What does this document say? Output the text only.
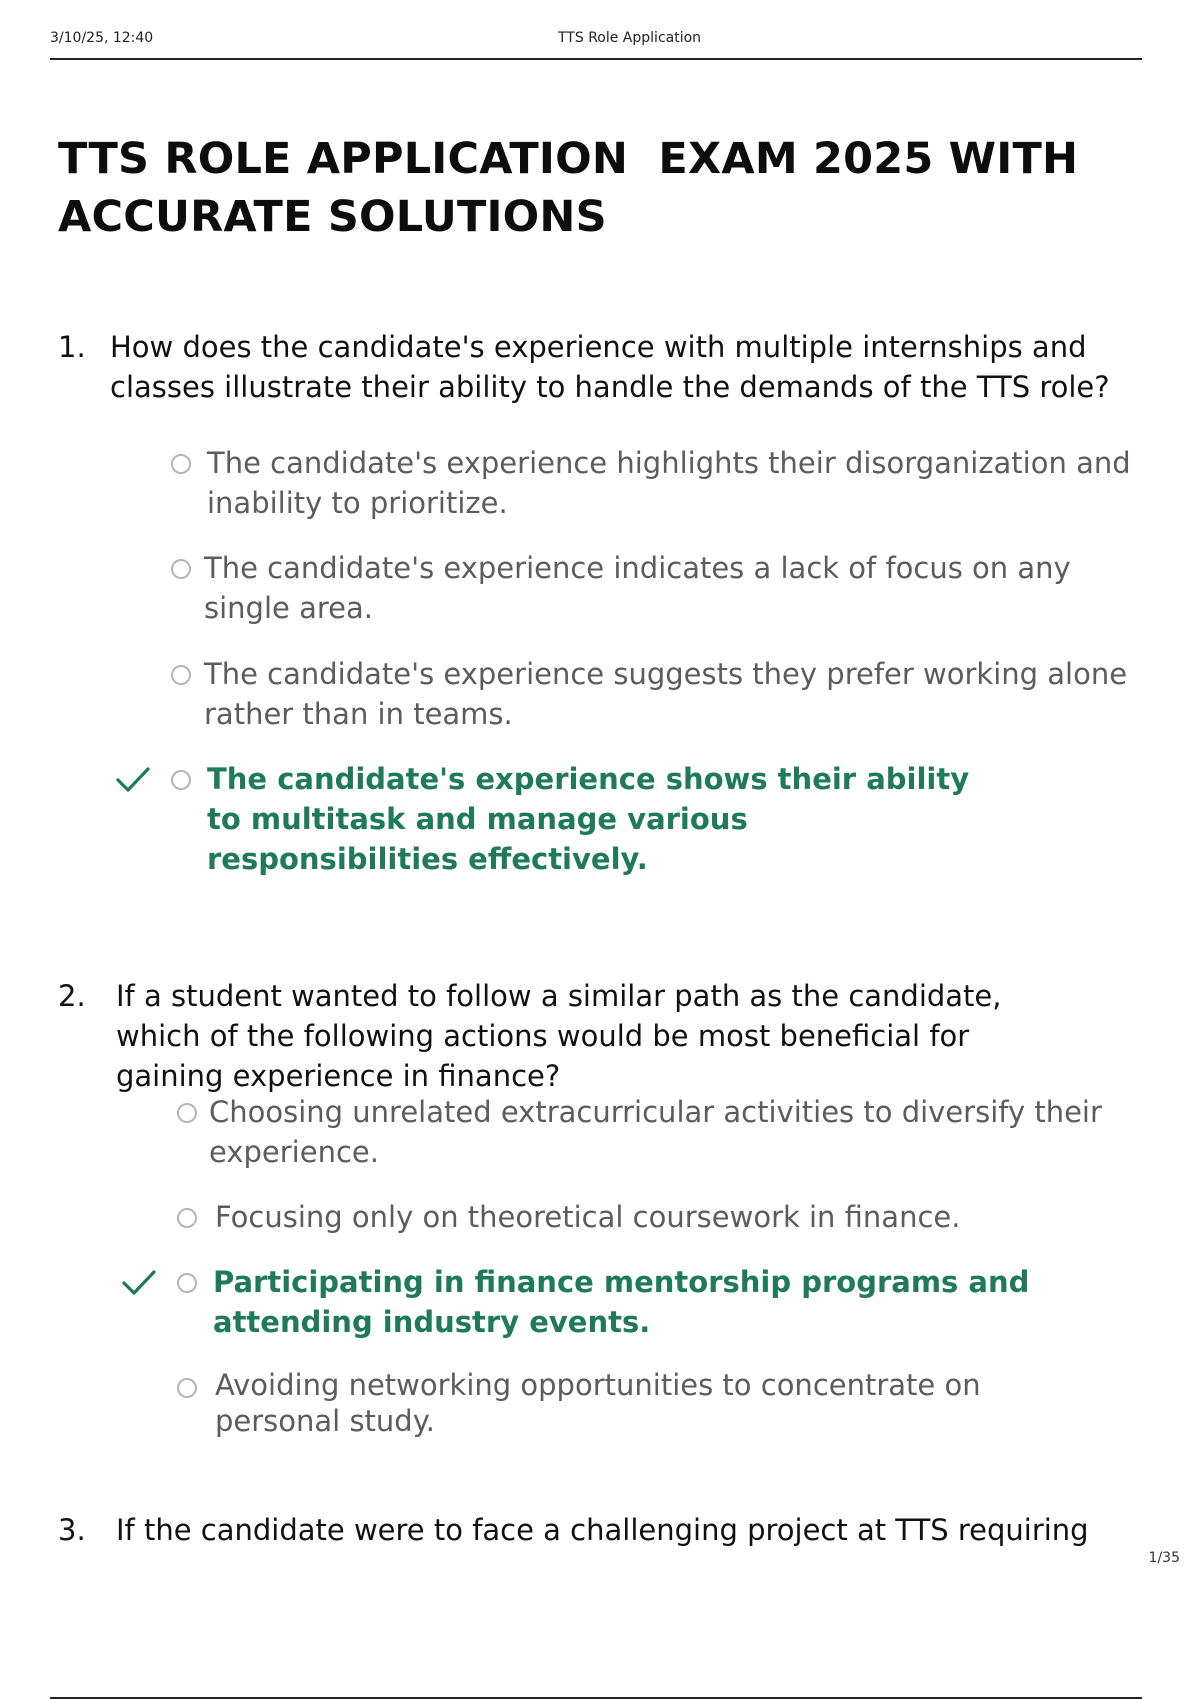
3/10/25, 12:40	TTS Role Application
TTS ROLE APPLICATION  EXAM 2025 WITH ACCURATE SOLUTIONS
1. How does the candidate's experience with multiple internships and classes illustrate their ability to handle the demands of the TTS role?
The candidate's experience highlights their disorganization and inability to prioritize.
The candidate's experience indicates a lack of focus on any single area.
The candidate's experience suggests they prefer working alone rather than in teams.
The candidate's experience shows their ability to multitask and manage various responsibilities effectively.
2. If a student wanted to follow a similar path as the candidate, which of the following actions would be most beneficial for gaining experience in finance?
Choosing unrelated extracurricular activities to diversify their experience.
Focusing only on theoretical coursework in finance.
Participating in finance mentorship programs and attending industry events.
Avoiding networking opportunities to concentrate on personal study.
3. If the candidate were to face a challenging project at TTS requiring
1/35
